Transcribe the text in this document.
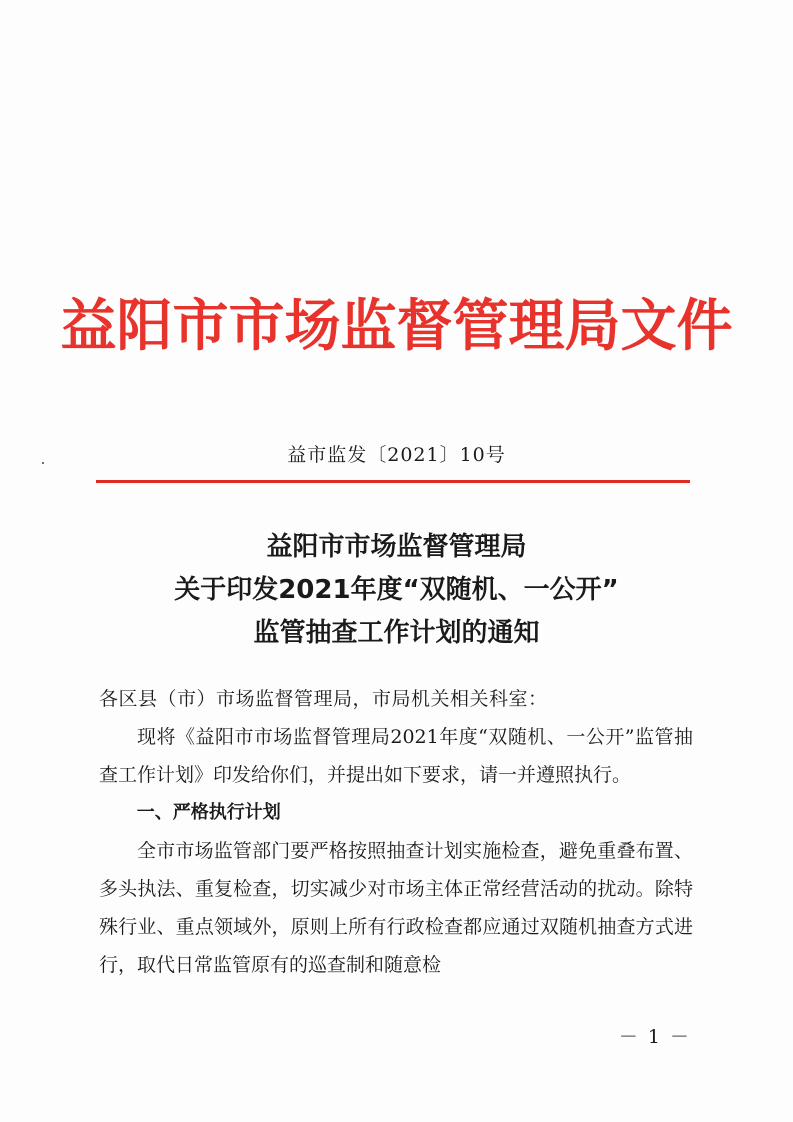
益阳市市场监督管理局文件
益市监发〔2021〕10号
益阳市市场监督管理局
关于印发2021年度“双随机、一公开”
监管抽查工作计划的通知

各区县（市）市场监督管理局，市局机关相关科室：

现将《益阳市市场监督管理局2021年度“双随机、一公开”监管抽查工作计划》印发给你们，并提出如下要求，请一并遵照执行。

一、严格执行计划

全市市场监管部门要严格按照抽查计划实施检查，避免重叠布置、多头执法、重复检查，切实减少对市场主体正常经营活动的扰动。除特殊行业、重点领域外，原则上所有行政检查都应通过双随机抽查方式进行，取代日常监管原有的巡查制和随意检

－ 1 －
